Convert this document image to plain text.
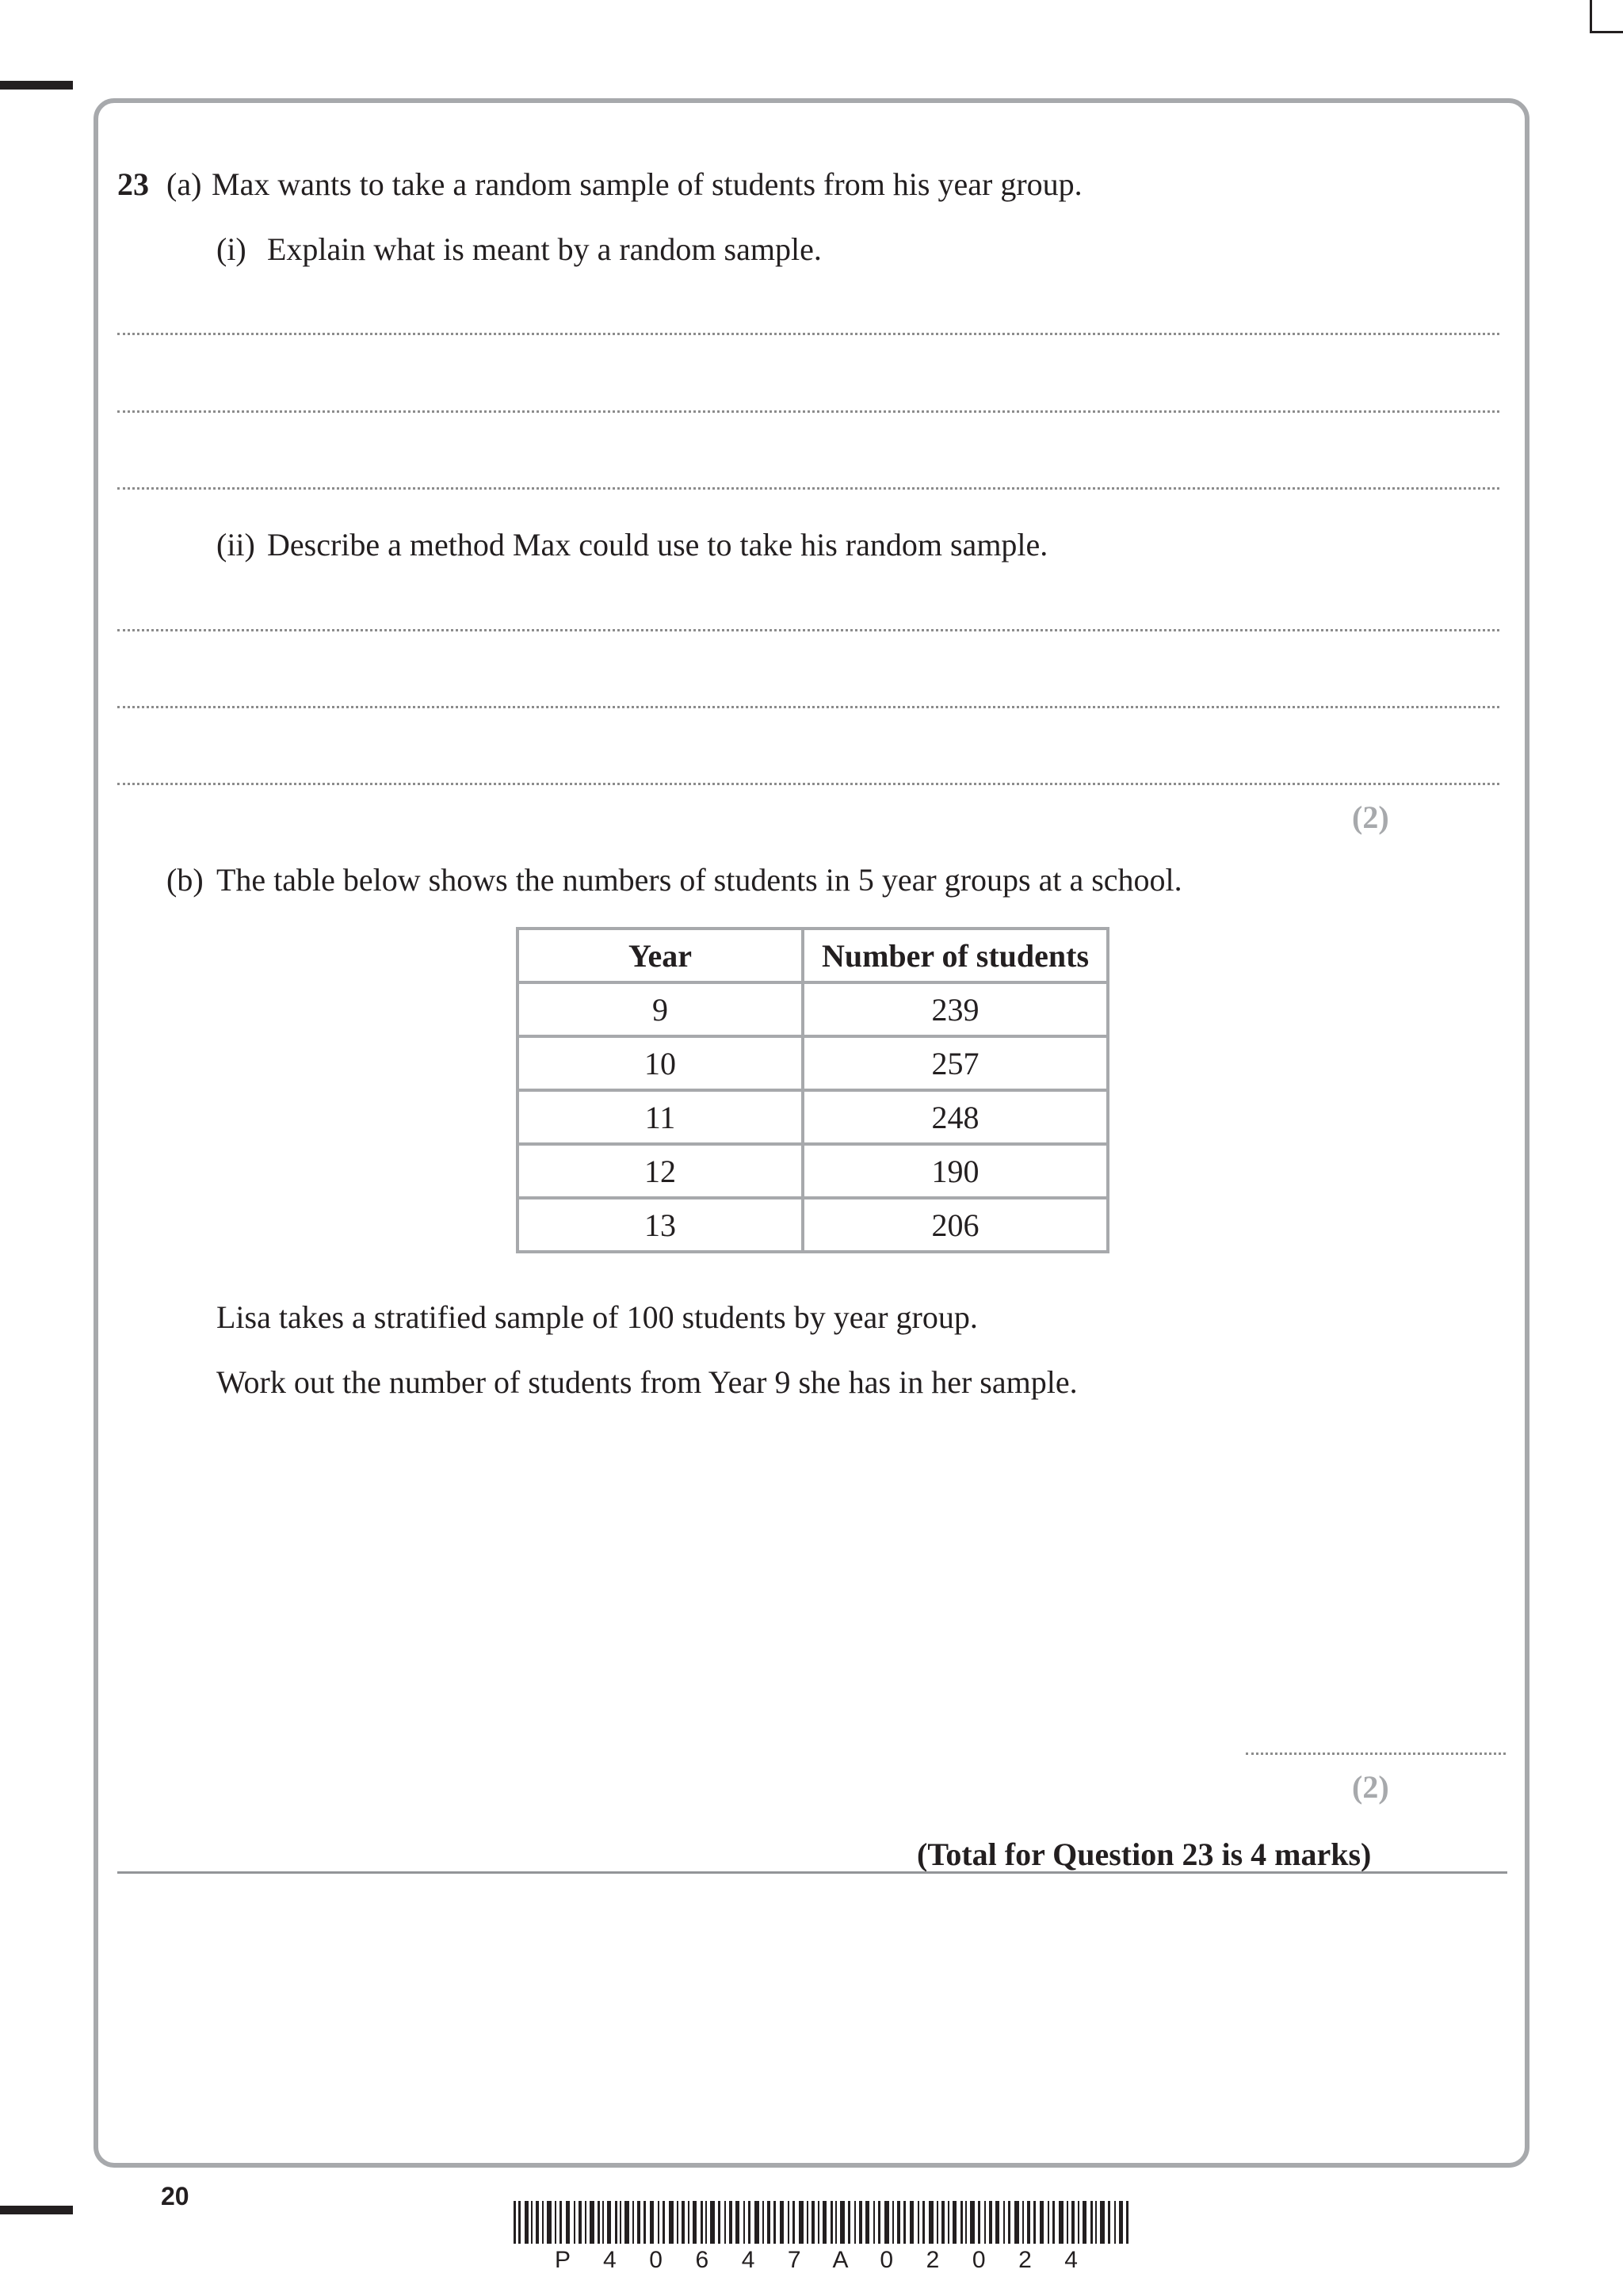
23 (a) Max wants to take a random sample of students from his year group.
(i) Explain what is meant by a random sample.
(ii) Describe a method Max could use to take his random sample.
(2)
(b) The table below shows the numbers of students in 5 year groups at a school.
Year	Number of students
9	239
10	257
11	248
12	190
13	206
Lisa takes a stratified sample of 100 students by year group.
Work out the number of students from Year 9 she has in her sample.
(2)
(Total for Question 23 is 4 marks)
20
P 4 0 6 4 7 A 0 2 0 2 4
